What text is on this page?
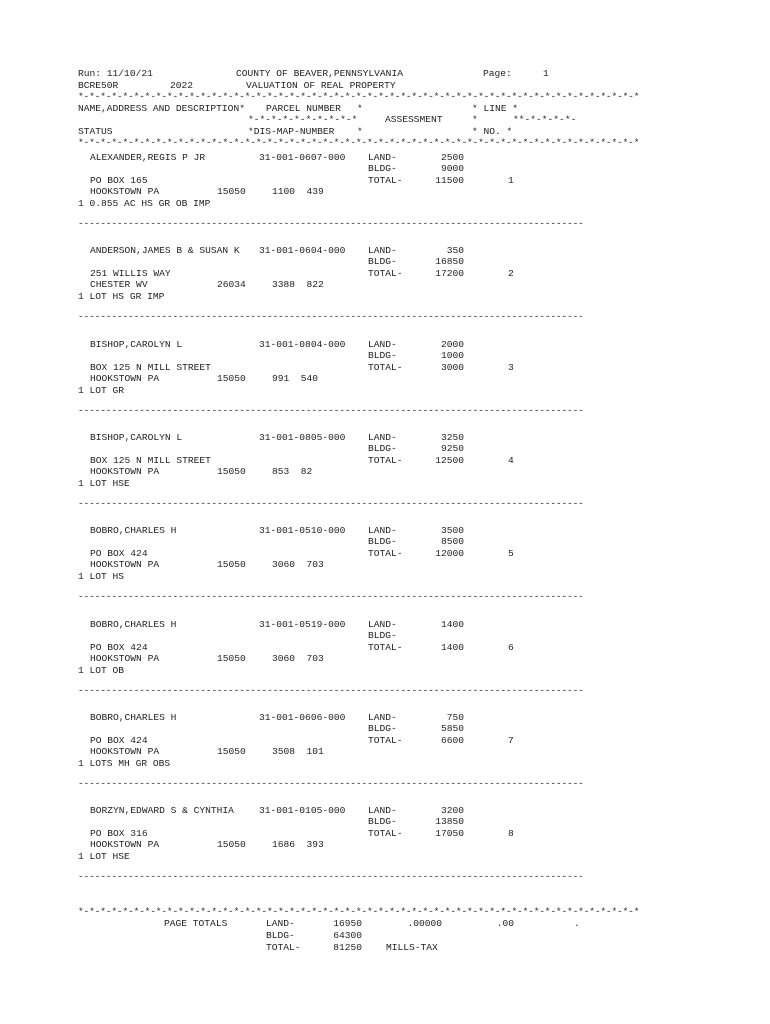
Run: 11/10/21	COUNTY OF BEAVER,PENNSYLVANIA	Page:	1
BCRE50R	2022	VALUATION OF REAL PROPERTY
*-*-*-*-*-*-*-*-*-*-*-*-*-*-*-*-*-*-*-*-*-*-*-*-*-*-*-*-*-*-*-*-*-*-*-*-*-*-*-*-*-*-*-*-*-*-*-*-*-*-*
NAME,ADDRESS AND DESCRIPTION* PARCEL NUMBER *	* LINE *
*-*-*-*-*-*-*-*-*-*	ASSESSMENT	*	**-*-*-*-*-
STATUS	*DIS-MAP-NUMBER *	* NO. *
*-*-*-*-*-*-*-*-*-*-*-*-*-*-*-*-*-*-*-*-*-*-*-*-*-*-*-*-*-*-*-*-*-*-*-*-*-*-*-*-*-*-*-*-*-*-*-*-*-*-*
ALEXANDER,REGIS P JR	31-001-0607-000 LAND-	2500
BLDG-	9000
PO BOX 165	TOTAL-	11500	1
HOOKSTOWN PA	15050	1100  439
1 0.855 AC HS GR OB IMP
-------------------------------------------------------------------------------------------
ANDERSON,JAMES B & SUSAN K 31-001-0604-000 LAND-	350
BLDG-	16850
251 WILLIS WAY	TOTAL-	17200	2
CHESTER WV	26034	3388  822
1 LOT HS GR IMP
-------------------------------------------------------------------------------------------
BISHOP,CAROLYN L	31-001-0804-000 LAND-	2000
BLDG-	1000
BOX 125 N MILL STREET	TOTAL-	3000	3
HOOKSTOWN PA	15050	991  540
1 LOT GR
-------------------------------------------------------------------------------------------
BISHOP,CAROLYN L	31-001-0805-000 LAND-	3250
BLDG-	9250
BOX 125 N MILL STREET	TOTAL-	12500	4
HOOKSTOWN PA	15050	853  82
1 LOT HSE
-------------------------------------------------------------------------------------------
BOBRO,CHARLES H	31-001-0510-000 LAND-	3500
BLDG-	8500
PO BOX 424	TOTAL-	12000	5
HOOKSTOWN PA	15050	3060  703
1 LOT HS
-------------------------------------------------------------------------------------------
BOBRO,CHARLES H	31-001-0519-000 LAND-	1400
BLDG-
PO BOX 424	TOTAL-	1400	6
HOOKSTOWN PA	15050	3060  703
1 LOT OB
-------------------------------------------------------------------------------------------
BOBRO,CHARLES H	31-001-0606-000 LAND-	750
BLDG-	5850
PO BOX 424	TOTAL-	6600	7
HOOKSTOWN PA	15050	3508  101
1 LOTS MH GR OBS
-------------------------------------------------------------------------------------------
BORZYN,EDWARD S & CYNTHIA	31-001-0105-000 LAND-	3200
BLDG-	13850
PO BOX 316	TOTAL-	17050	8
HOOKSTOWN PA	15050	1686  393
1 LOT HSE
-------------------------------------------------------------------------------------------
*-*-*-*-*-*-*-*-*-*-*-*-*-*-*-*-*-*-*-*-*-*-*-*-*-*-*-*-*-*-*-*-*-*-*-*-*-*-*-*-*-*-*-*-*-*-*-*-*-*-*
PAGE TOTALS	LAND-	16950	.00000	.00	.
BLDG-	64300
TOTAL-	81250	MILLS-TAX
